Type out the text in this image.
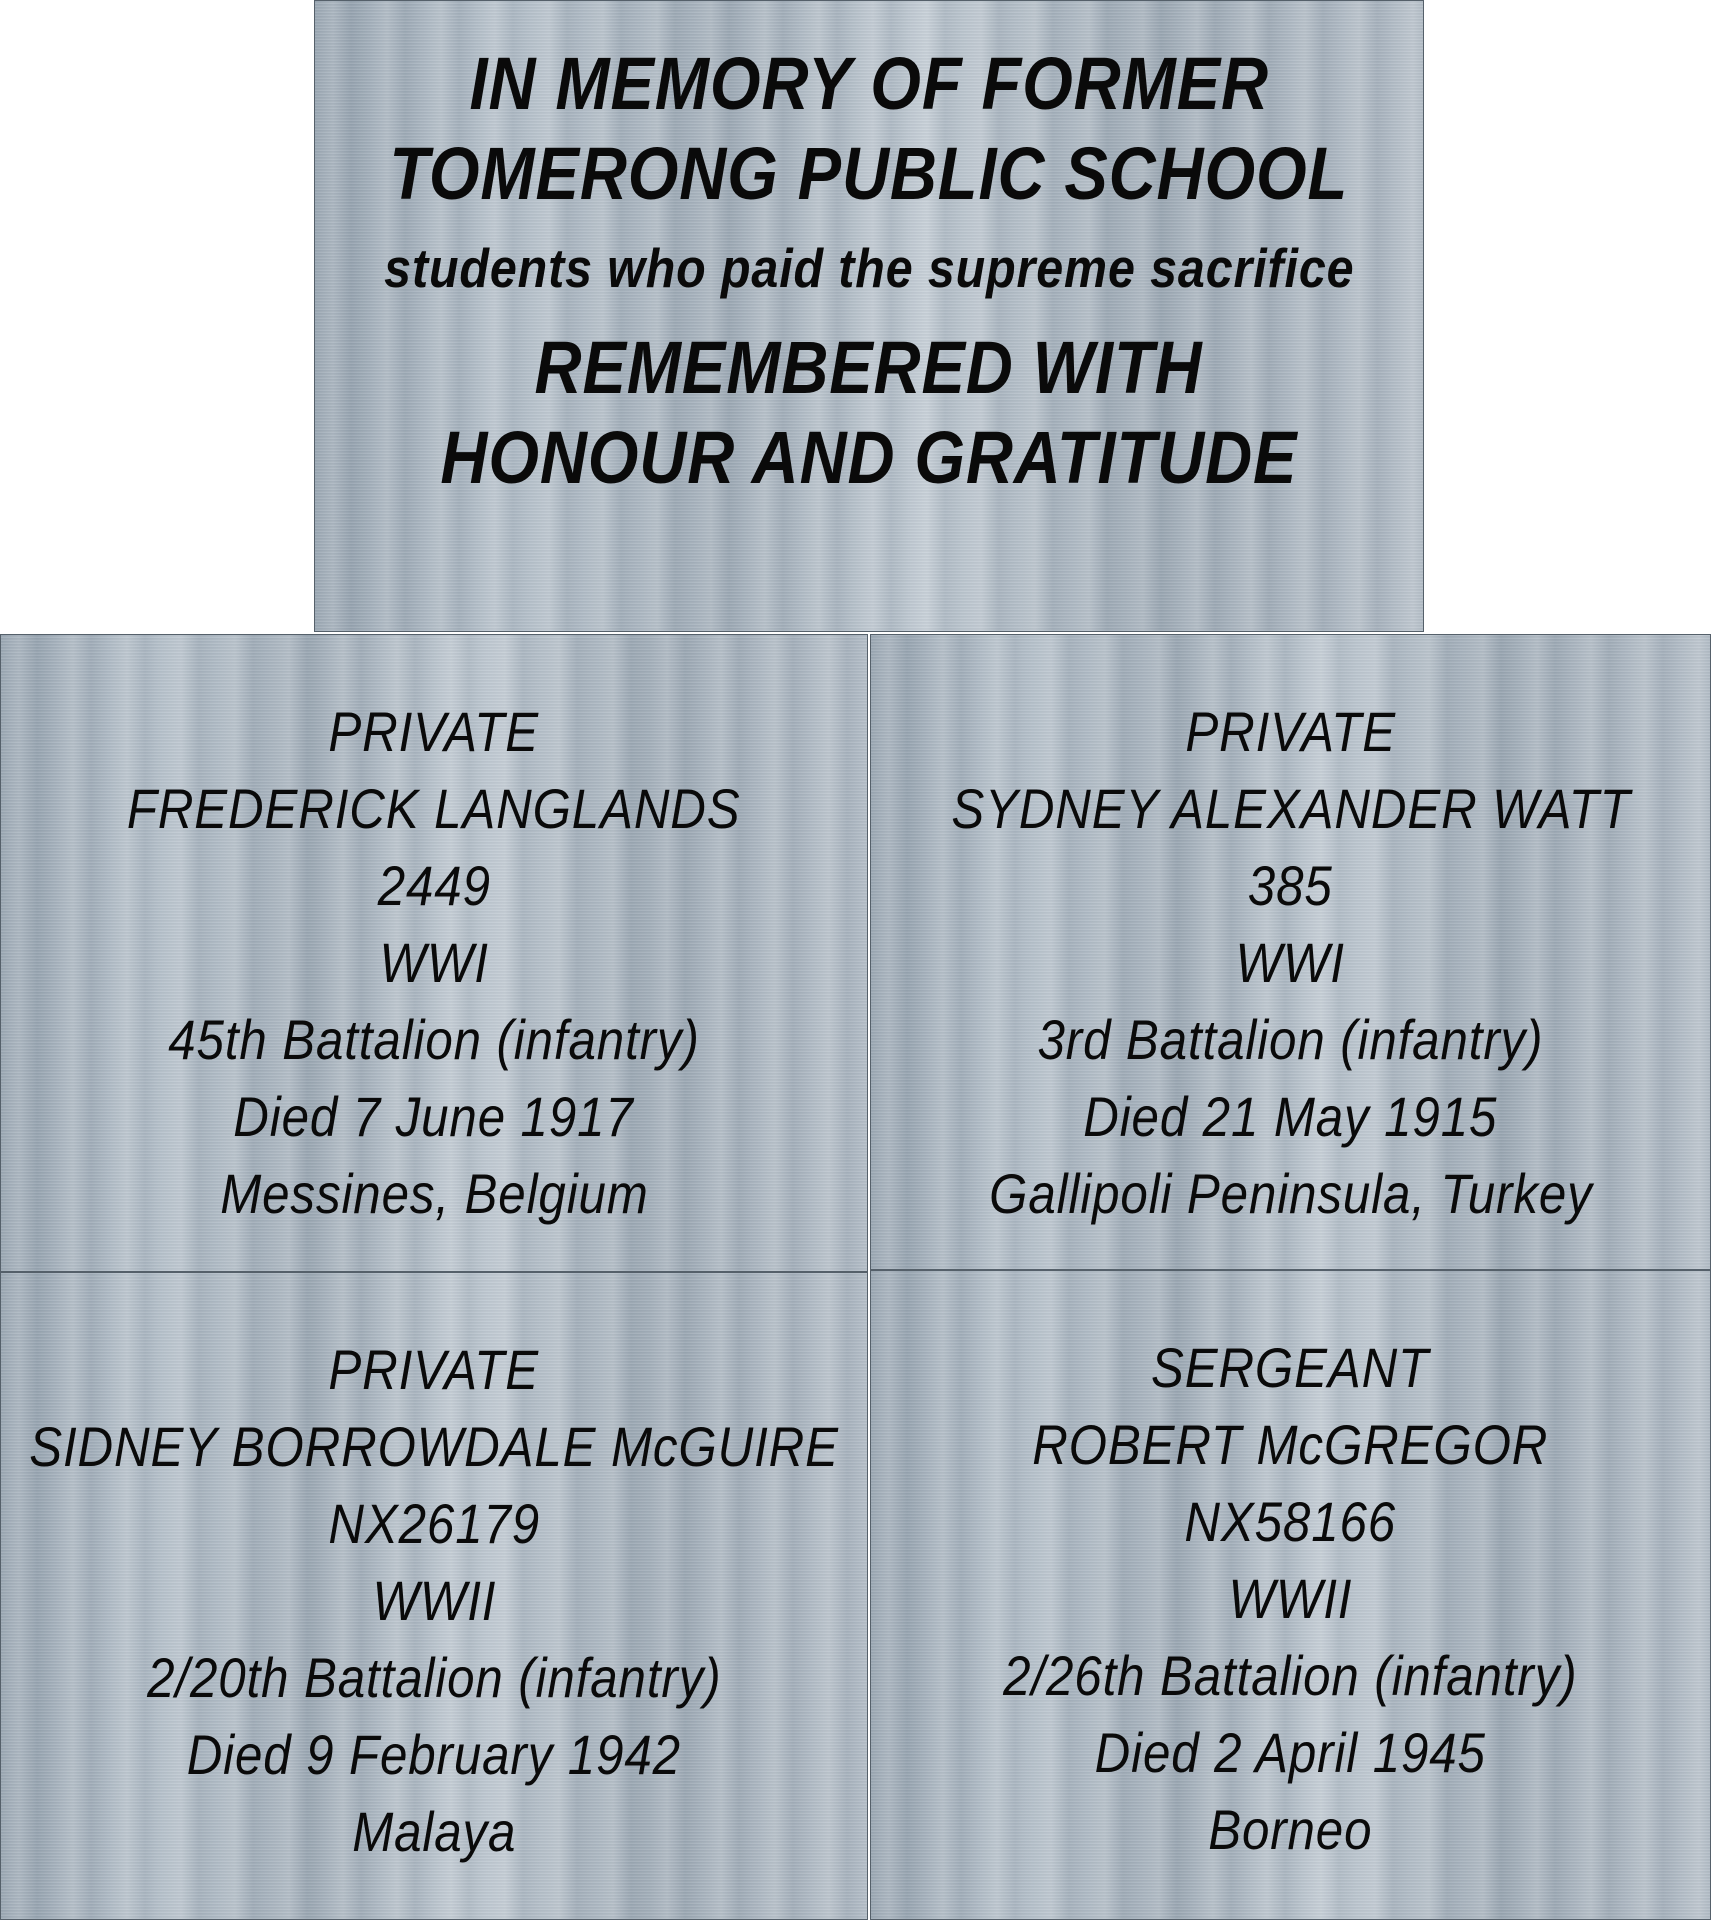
IN MEMORY OF FORMER
TOMERONG PUBLIC SCHOOL
students who paid the supreme sacrifice
REMEMBERED WITH
HONOUR AND GRATITUDE
PRIVATE
FREDERICK LANGLANDS
2449
WWI
45th Battalion (infantry)
Died 7 June 1917
Messines, Belgium
PRIVATE
SYDNEY ALEXANDER WATT
385
WWI
3rd Battalion (infantry)
Died 21 May 1915
Gallipoli Peninsula, Turkey
PRIVATE
SIDNEY BORROWDALE McGUIRE
NX26179
WWII
2/20th Battalion (infantry)
Died 9 February 1942
Malaya
SERGEANT
ROBERT McGREGOR
NX58166
WWII
2/26th Battalion (infantry)
Died 2 April 1945
Borneo
